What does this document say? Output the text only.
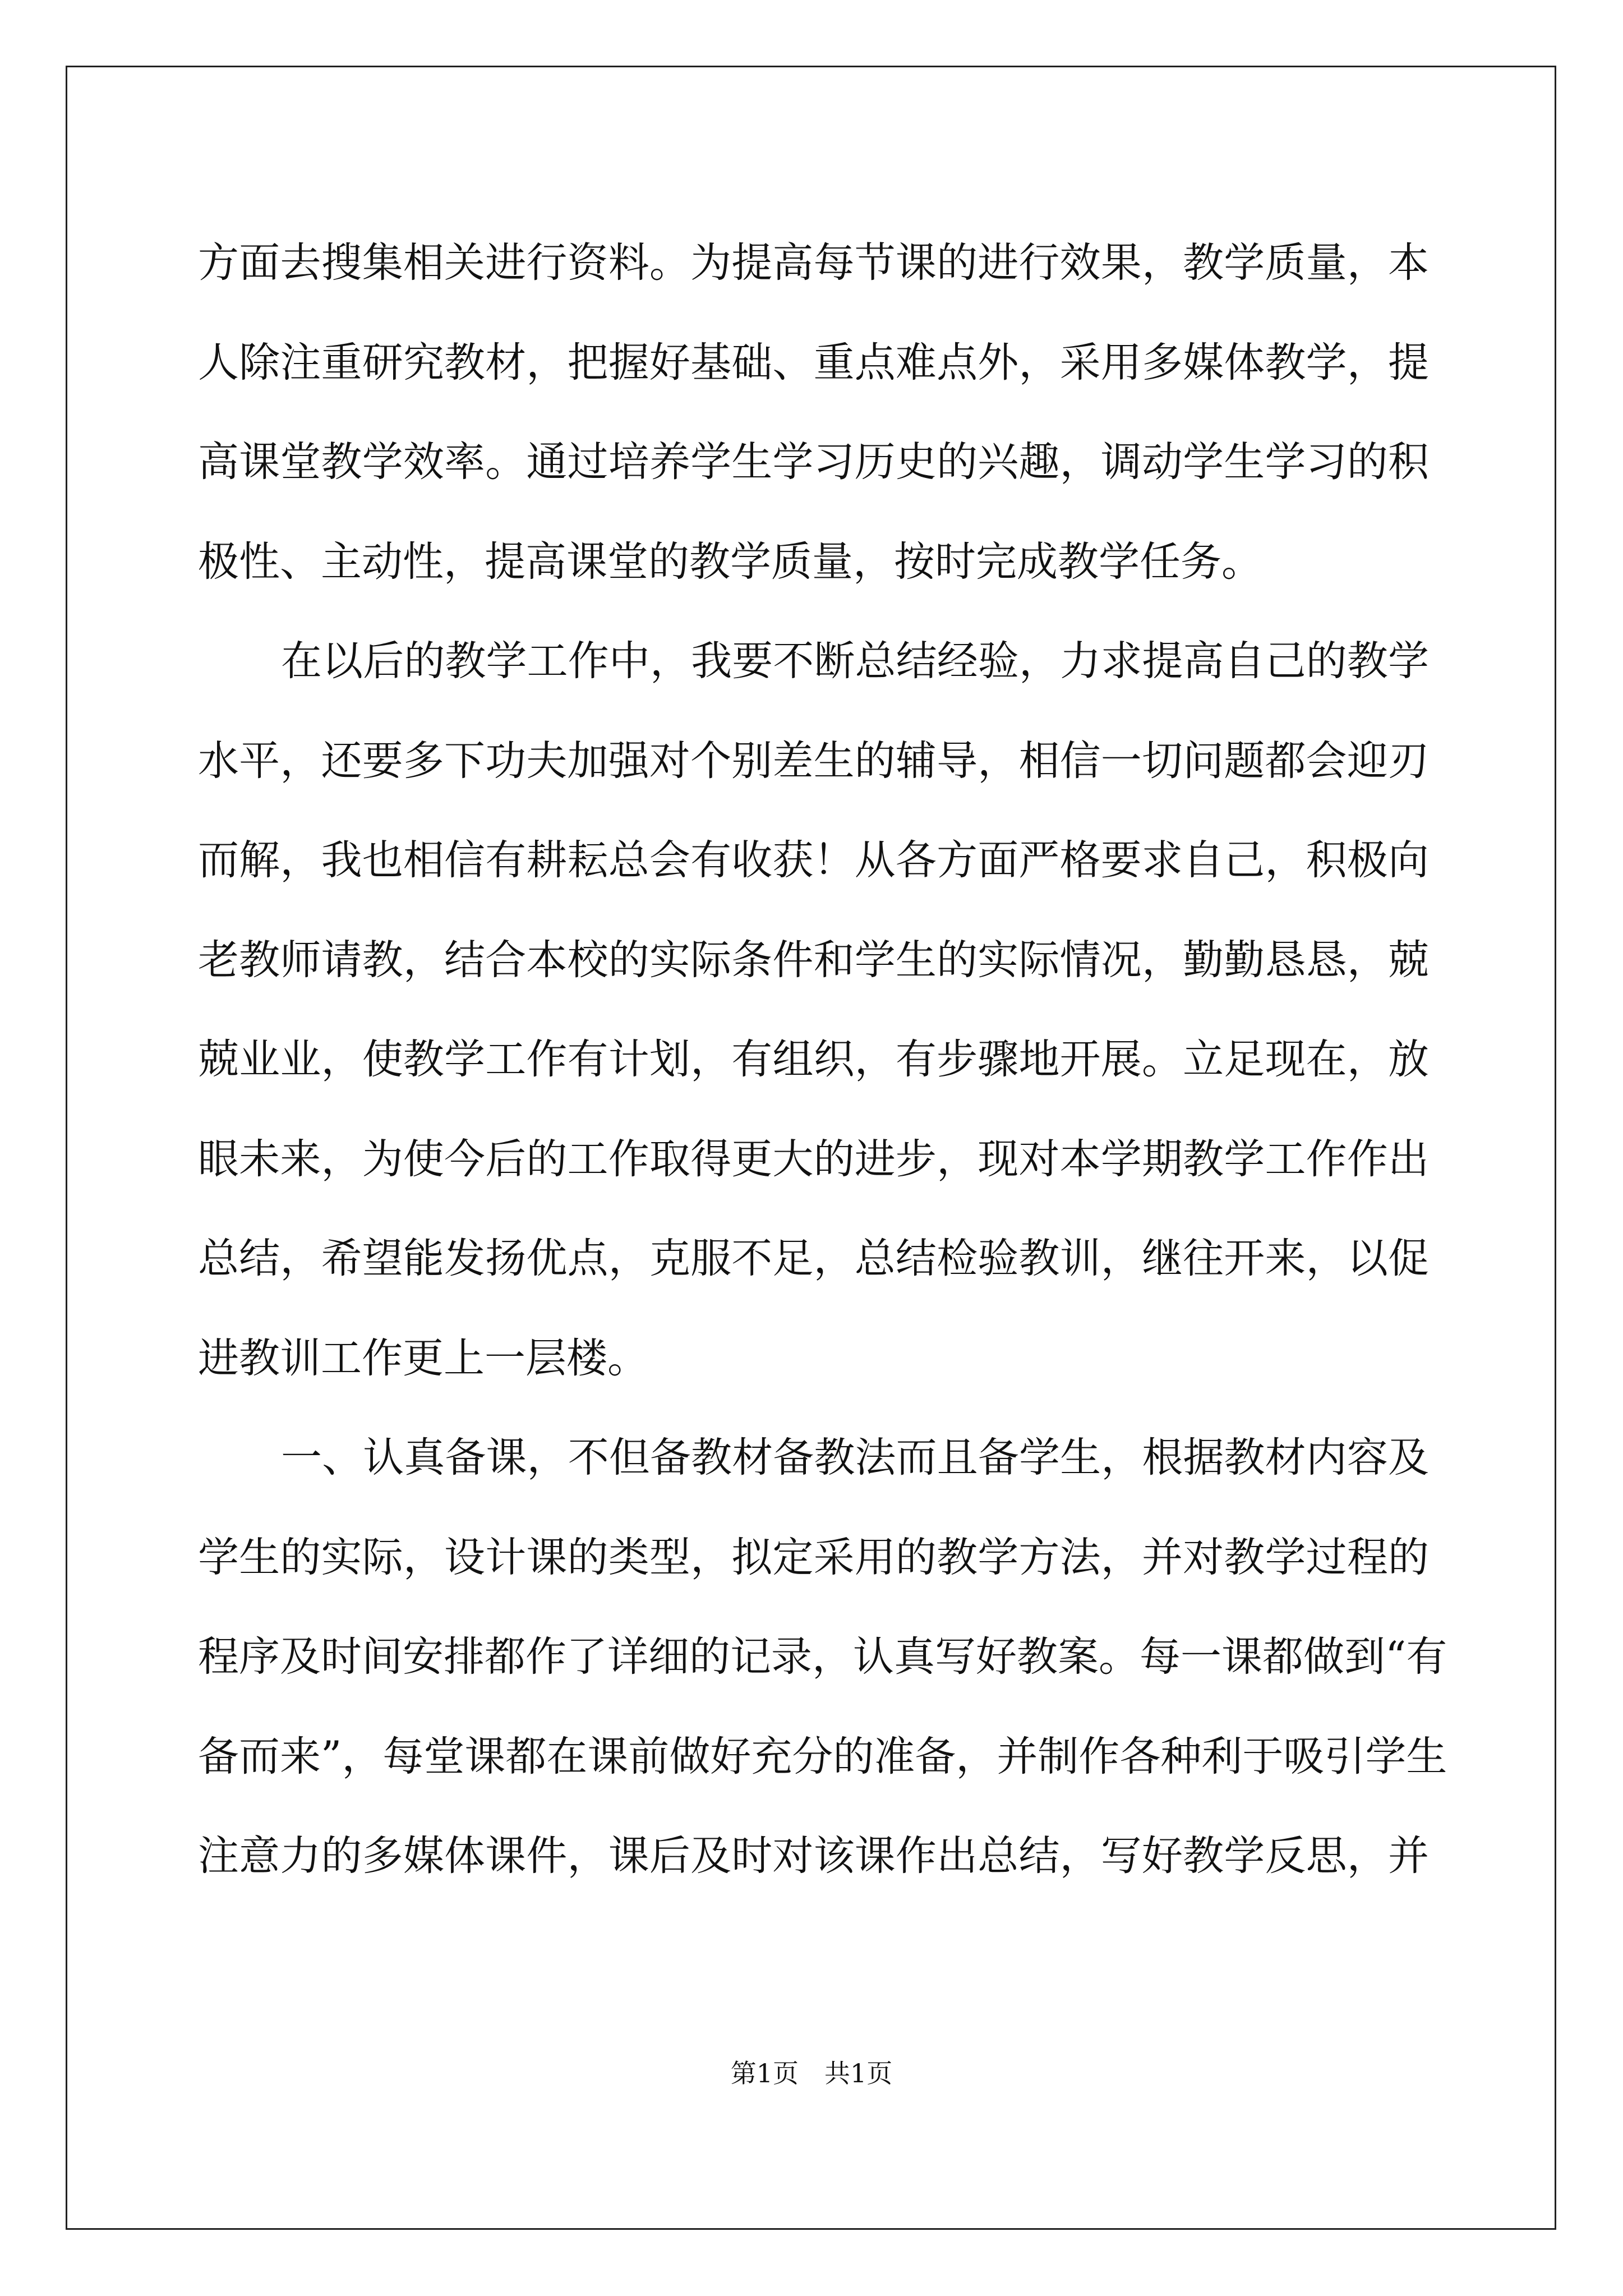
方面去搜集相关进行资料。为提高每节课的进行效果，教学质量，本
人除注重研究教材，把握好基础、重点难点外，采用多媒体教学，提
高课堂教学效率。通过培养学生学习历史的兴趣，调动学生学习的积
极性、主动性，提高课堂的教学质量，按时完成教学任务。
在以后的教学工作中，我要不断总结经验，力求提高自己的教学
水平，还要多下功夫加强对个别差生的辅导，相信一切问题都会迎刃
而解，我也相信有耕耘总会有收获！从各方面严格要求自己，积极向
老教师请教，结合本校的实际条件和学生的实际情况，勤勤恳恳，兢
兢业业，使教学工作有计划，有组织，有步骤地开展。立足现在，放
眼未来，为使今后的工作取得更大的进步，现对本学期教学工作作出
总结，希望能发扬优点，克服不足，总结检验教训，继往开来，以促
进教训工作更上一层楼。
一、认真备课，不但备教材备教法而且备学生，根据教材内容及
学生的实际，设计课的类型，拟定采用的教学方法，并对教学过程的
程序及时间安排都作了详细的记录，认真写好教案。每一课都做到“有
备而来”，每堂课都在课前做好充分的准备，并制作各种利于吸引学生
注意力的多媒体课件，课后及时对该课作出总结，写好教学反思，并
第1页　共1页
